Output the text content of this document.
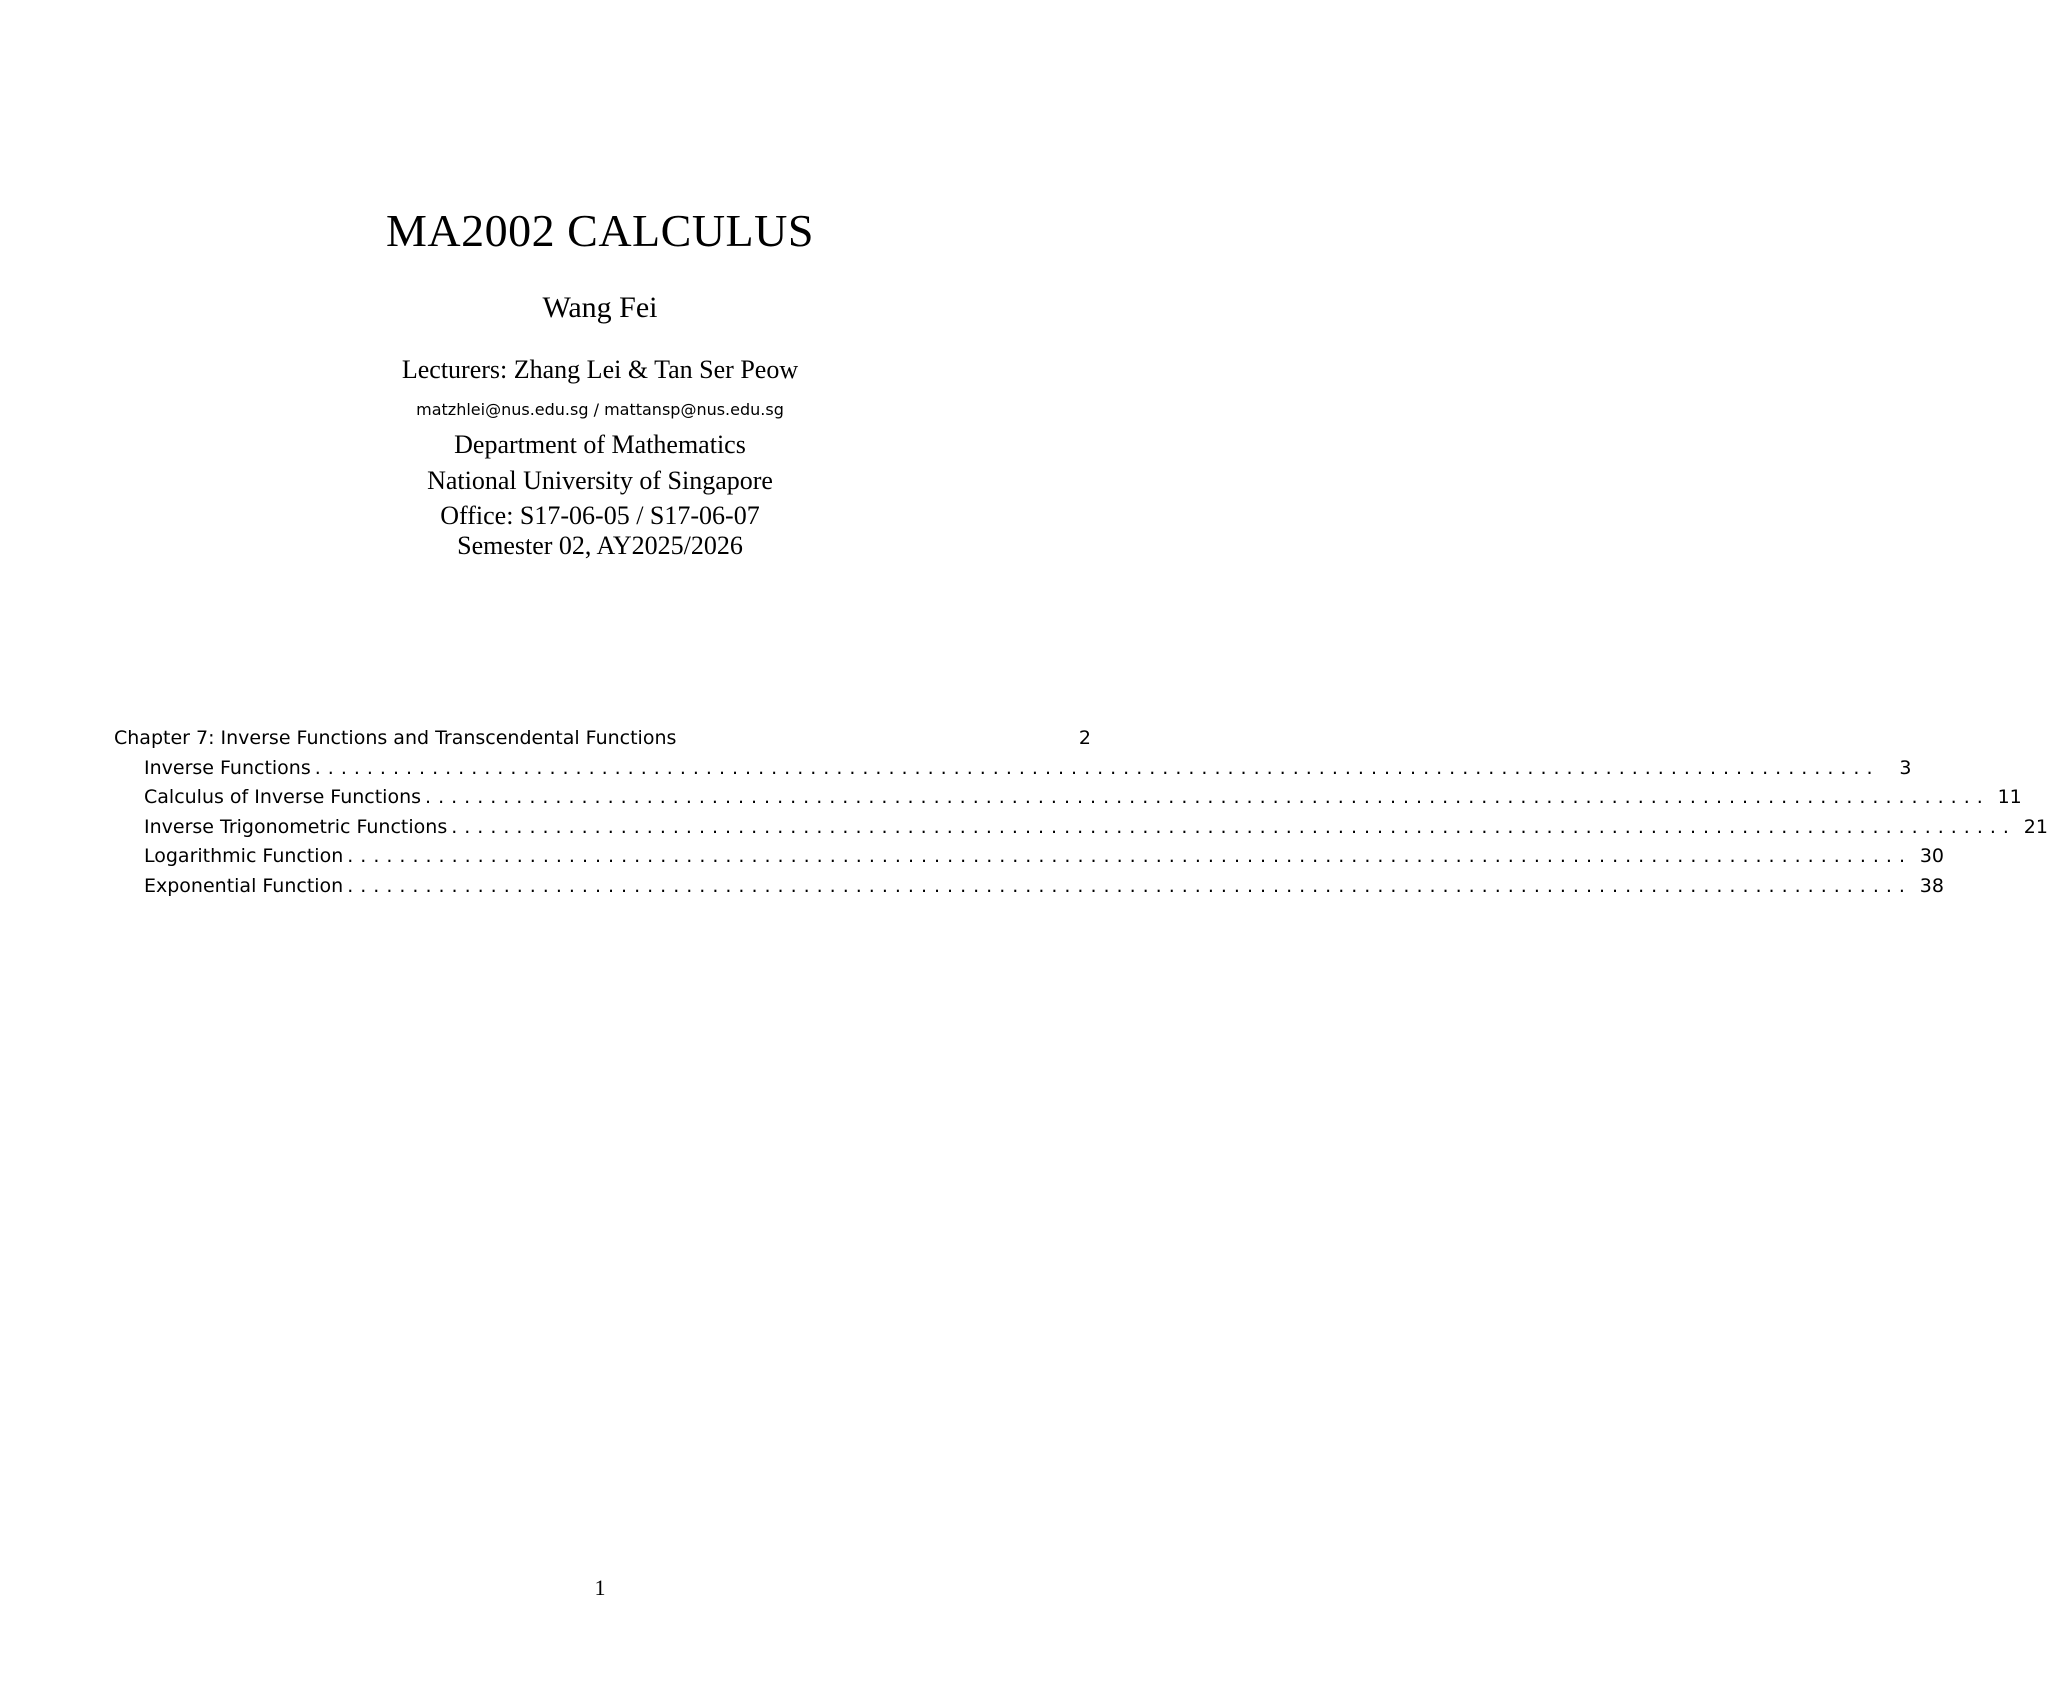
MA2002 CALCULUS
Wang Fei
Lecturers: Zhang Lei & Tan Ser Peow
matzhlei@nus.edu.sg / mattansp@nus.edu.sg
Department of Mathematics
National University of Singapore
Office: S17-06-05 / S17-06-07
Semester 02, AY2025/2026
Chapter 7: Inverse Functions and Transcendental Functions	2
Inverse Functions ........................................................................................................................	3
Calculus of Inverse Functions ........................................................................................................................ 11
Inverse Trigonometric Functions ........................................................................................................................ 21
Logarithmic Function ........................................................................................................................ 30
Exponential Function ........................................................................................................................ 38
1
